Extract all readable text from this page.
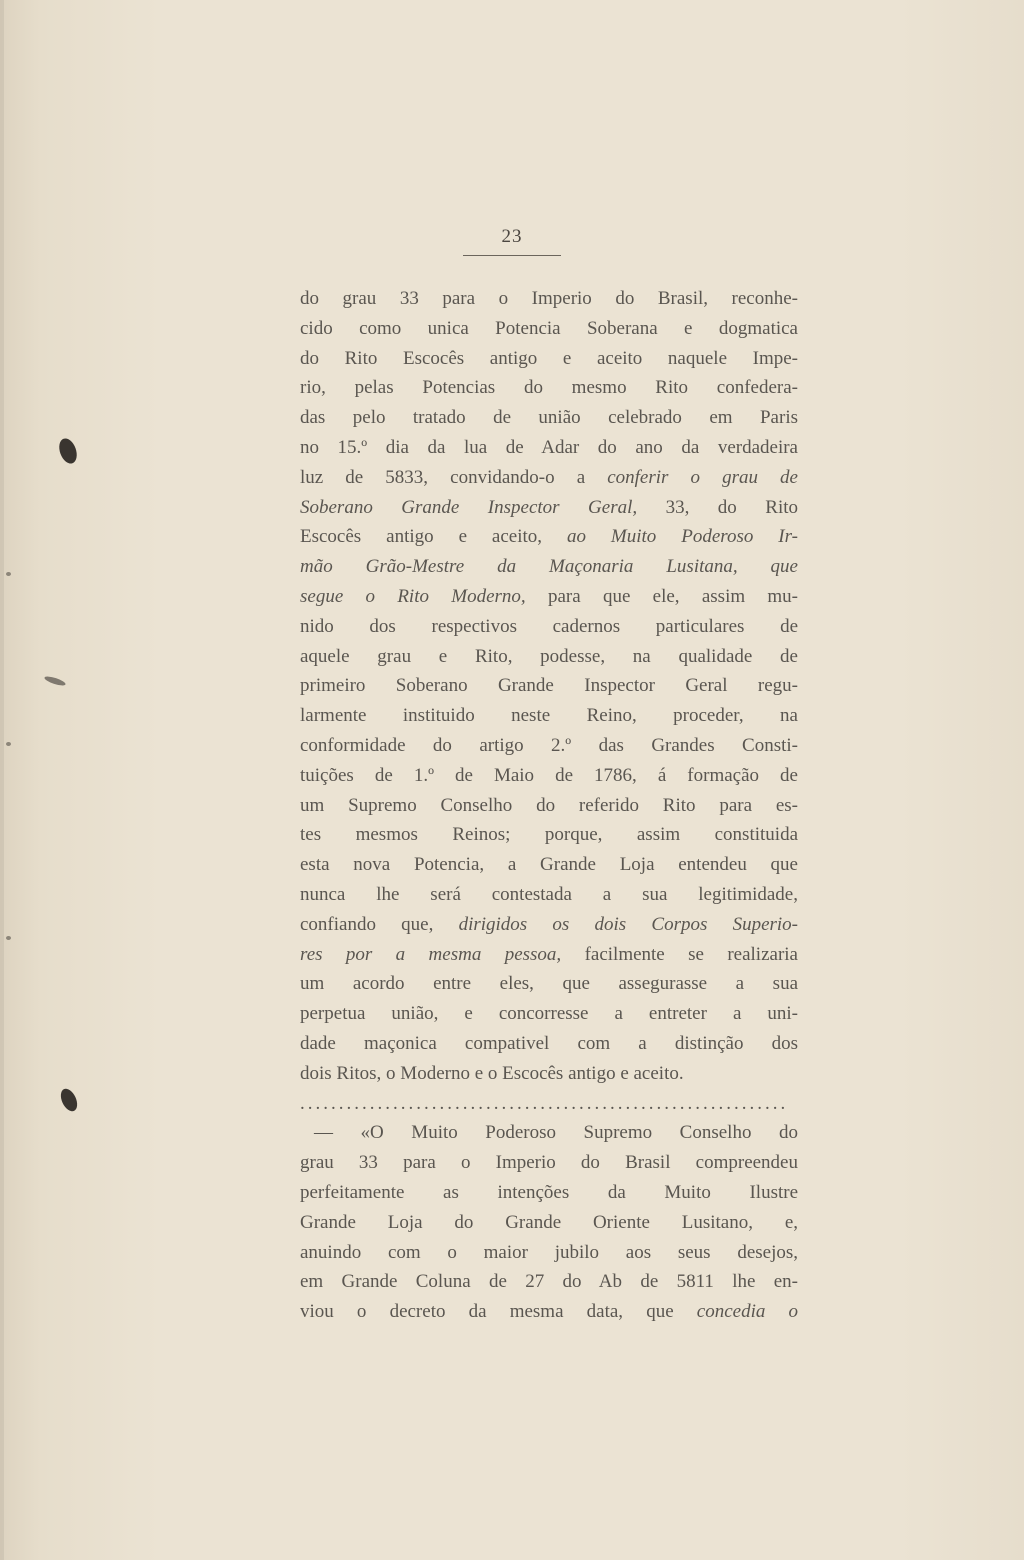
23
do grau 33 para o Imperio do Brasil, reconhe-
cido como unica Potencia Soberana e dogmatica
do Rito Escocês antigo e aceito naquele Impe-
rio, pelas Potencias do mesmo Rito confedera-
das pelo tratado de união celebrado em Paris
no 15.º dia da lua de Adar do ano da verdadeira
luz de 5833, convidando-o a conferir o grau de
Soberano Grande Inspector Geral, 33, do Rito
Escocês antigo e aceito, ao Muito Poderoso Ir-
mão Grão-Mestre da Maçonaria Lusitana, que
segue o Rito Moderno, para que ele, assim mu-
nido dos respectivos cadernos particulares de
aquele grau e Rito, podesse, na qualidade de
primeiro Soberano Grande Inspector Geral regu-
larmente instituido neste Reino, proceder, na
conformidade do artigo 2.º das Grandes Consti-
tuições de 1.º de Maio de 1786, á formação de
um Supremo Conselho do referido Rito para es-
tes mesmos Reinos; porque, assim constituida
esta nova Potencia, a Grande Loja entendeu que
nunca lhe será contestada a sua legitimidade,
confiando que, dirigidos os dois Corpos Superio-
res por a mesma pessoa, facilmente se realizaria
um acordo entre eles, que assegurasse a sua
perpetua união, e concorresse a entreter a uni-
dade maçonica compativel com a distinção dos
dois Ritos, o Moderno e o Escocês antigo e aceito.
...............................................................
— «O Muito Poderoso Supremo Conselho do
grau 33 para o Imperio do Brasil compreendeu
perfeitamente as intenções da Muito Ilustre
Grande Loja do Grande Oriente Lusitano, e,
anuindo com o maior jubilo aos seus desejos,
em Grande Coluna de 27 do Ab de 5811 lhe en-
viou o decreto da mesma data, que concedia o
